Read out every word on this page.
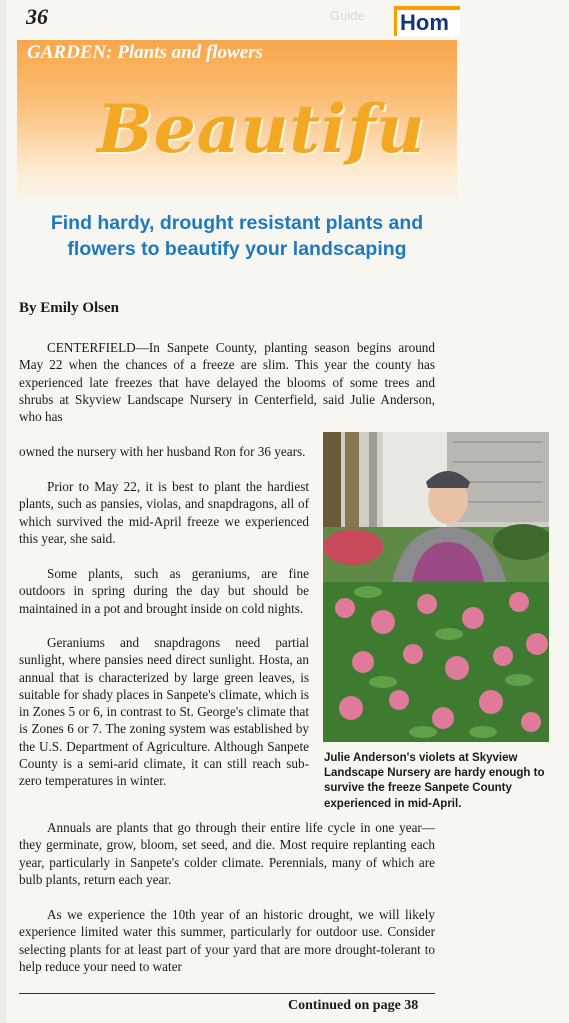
36	Guide Hom
GARDEN: Plants and flowers
Beautifu
Find hardy, drought resistant plants and
flowers to beautify your landscaping
By Emily Olsen

CENTERFIELD—In Sanpete County, planting season begins around May 22 when the chances of a freeze are slim. This year the county has experienced late freezes that have delayed the blooms of some trees and shrubs at Skyview Landscape Nursery in Centerfield, said Julie Anderson, who has

owned the nursery with her husband Ron for 36 years.

Prior to May 22, it is best to plant the hardiest plants, such as pansies, violas, and snapdragons, all of which survived the mid-April freeze we experienced this year, she said.

Some plants, such as geraniums, are fine outdoors in spring during the day but should be maintained in a pot and brought inside on cold nights.

Geraniums and snapdragons need partial sunlight, where pansies need direct sunlight. Hosta, an annual that is characterized by large green leaves, is suitable for shady places in Sanpete's climate, which is in Zones 5 or 6, in contrast to St. George's climate that is Zones 6 or 7. The zoning system was established by the U.S. Department of Agriculture. Although Sanpete County is a semi-arid climate, it can still reach sub-zero temperatures in winter.

Annuals are plants that go through their entire life cycle in one year—they germinate, grow, bloom, set seed, and die. Most require replanting each year, particularly in Sanpete's colder climate. Perennials, many of which are bulb plants, return each year.

As we experience the 10th year of an historic drought, we will likely experience limited water this summer, particularly for outdoor use. Consider selecting plants for at least part of your yard that are more drought-tolerant to help reduce your need to water

Julie Anderson's violets at Skyview Landscape Nursery are hardy enough to survive the freeze Sanpete County experienced in mid-April.
Continued on page 38
